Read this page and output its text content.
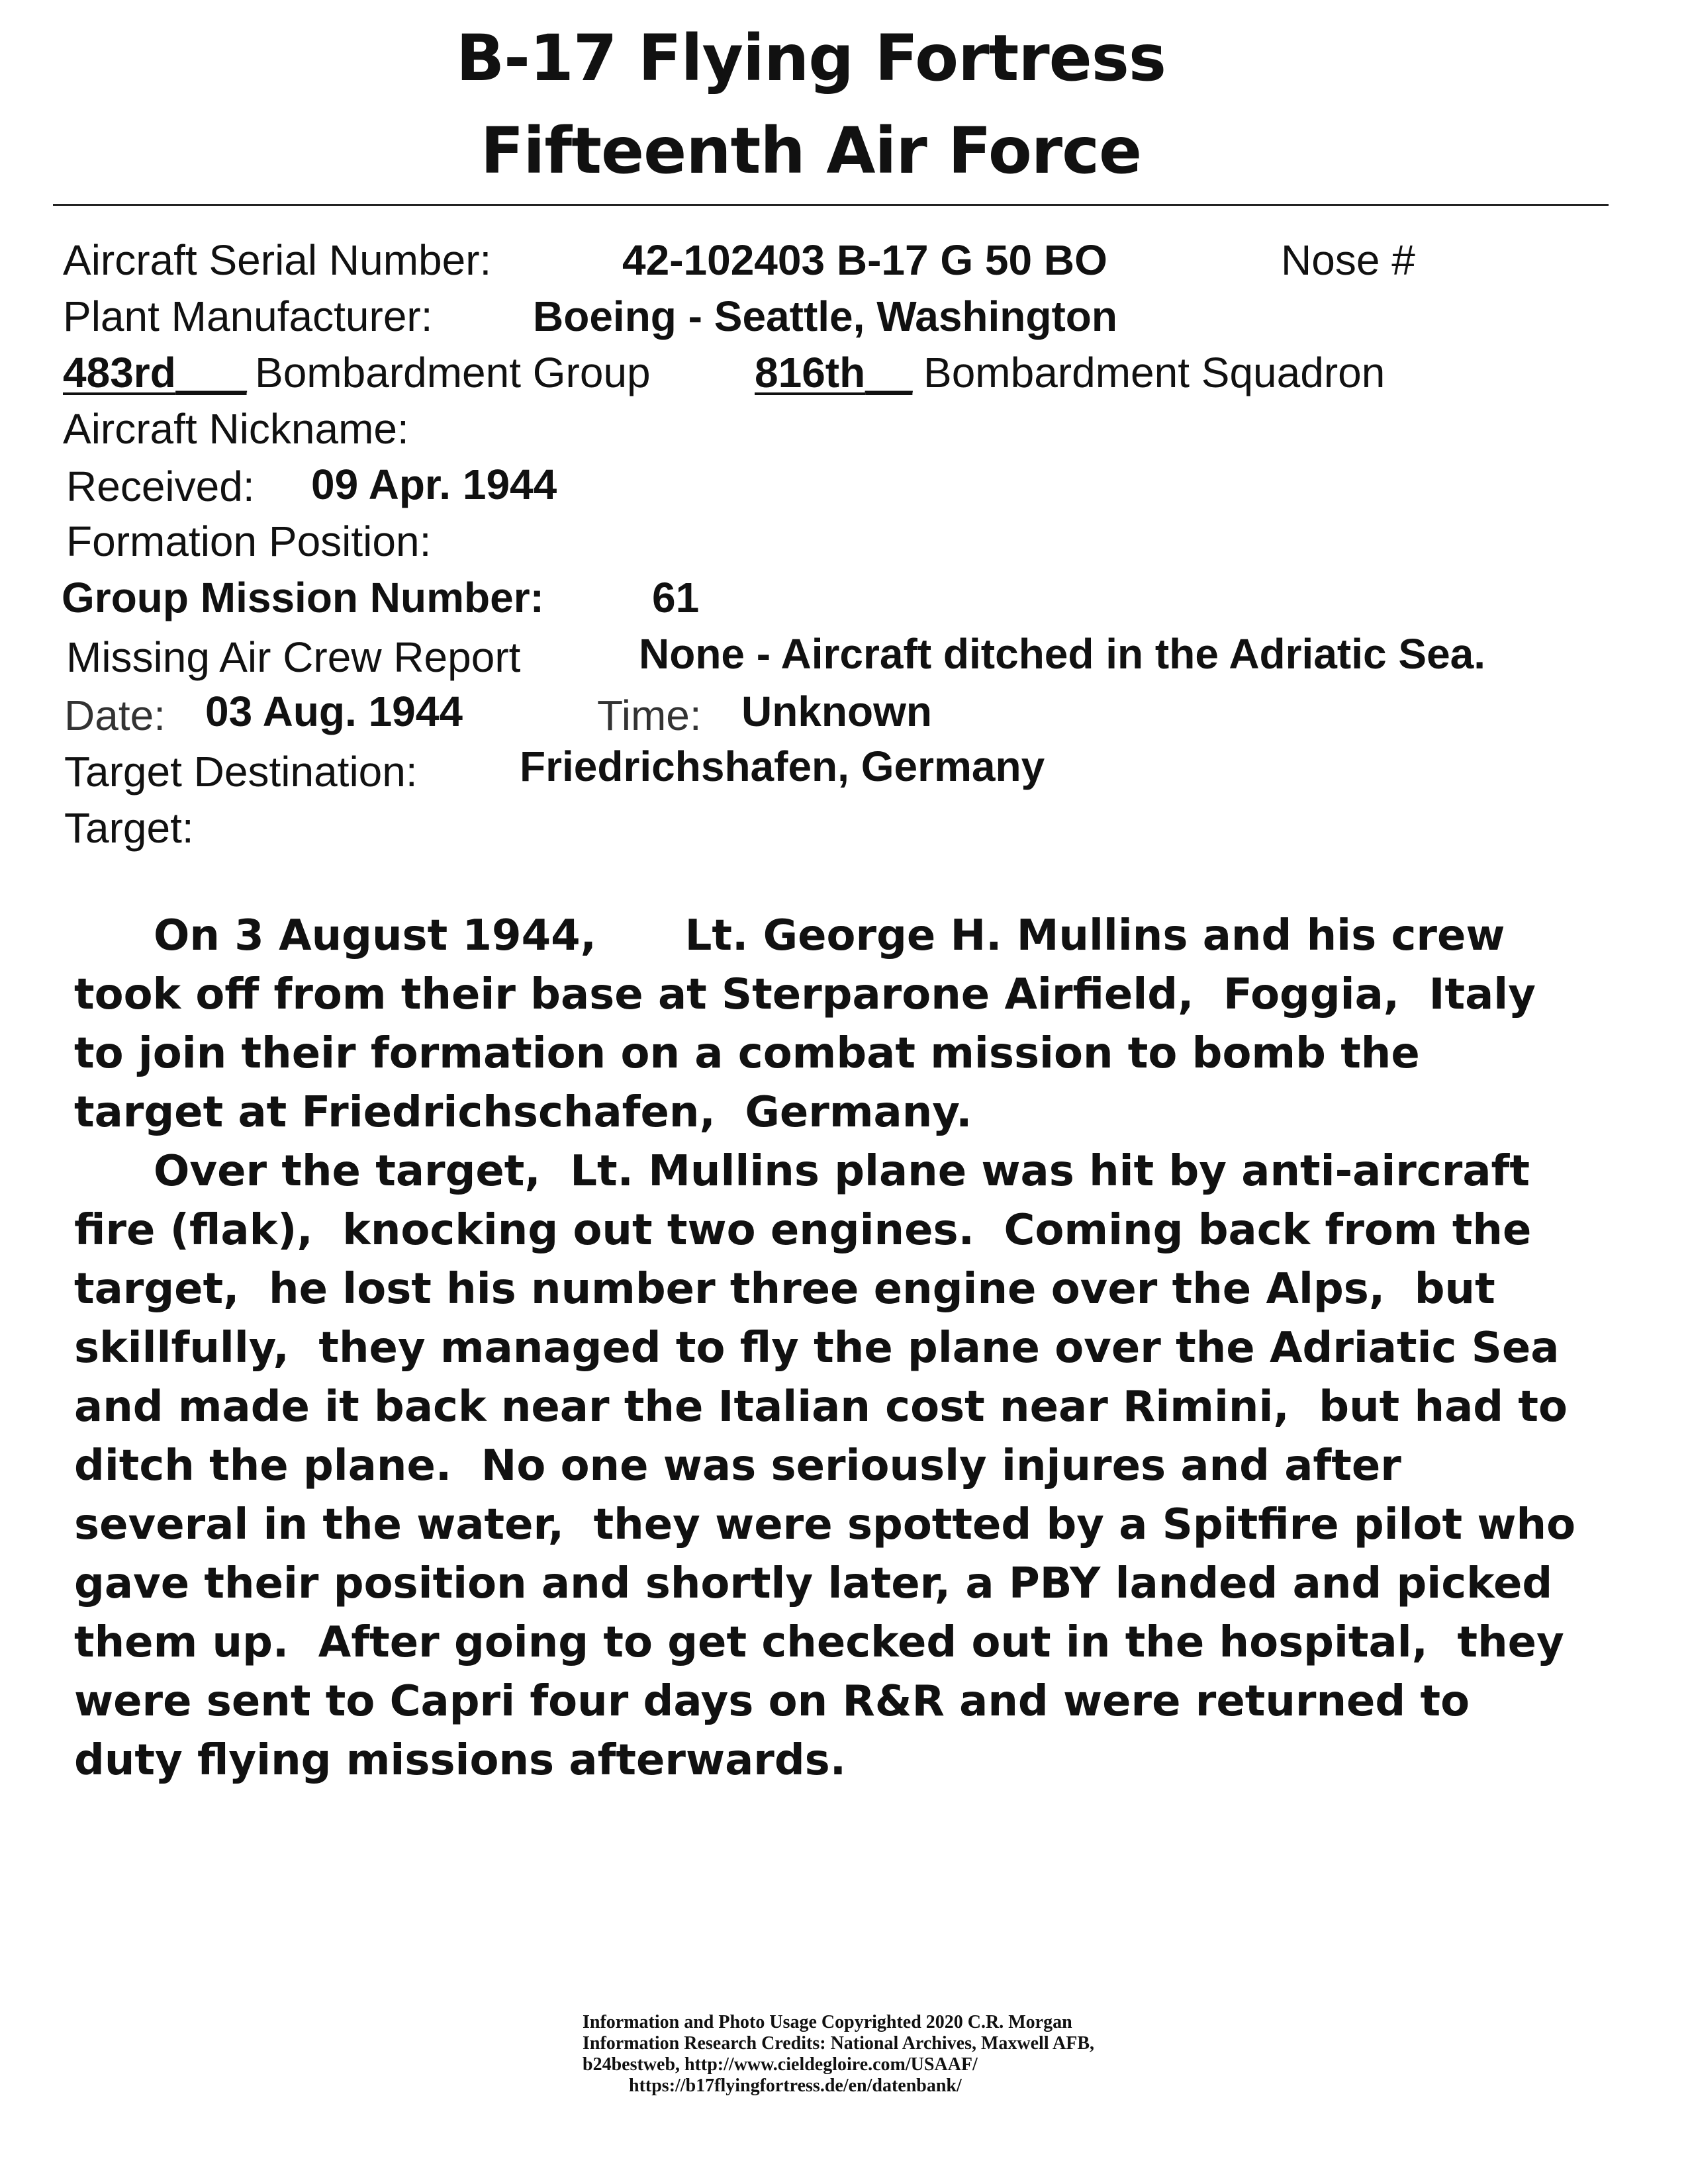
B-17 Flying Fortress
Fifteenth Air Force
Aircraft Serial Number:	42-102403 B-17 G 50 BO	Nose #
Plant Manufacturer: Boeing - Seattle, Washington
483rd___ Bombardment Group 816th__ Bombardment Squadron
Aircraft Nickname:
Received: 09 Apr. 1944
Formation Position:
Group Mission Number:	61
Missing Air Crew Report	None - Aircraft ditched in the Adriatic Sea.
Date: 03 Aug. 1944	Time: Unknown
Target Destination: Friedrichshafen, Germany
Target:

On 3 August 1944,      Lt. George H. Mullins and his crew took off from their base at Sterparone Airfield,  Foggia,  Italy to join their formation on a combat mission to bomb the target at Friedrichschafen,  Germany.

Over the target,  Lt. Mullins plane was hit by anti-aircraft fire (flak),  knocking out two engines.  Coming back from the target,  he lost his number three engine over the Alps,  but skillfully,  they managed to fly the plane over the Adriatic Sea and made it back near the Italian cost near Rimini,  but had to ditch the plane.  No one was seriously injures and after several in the water,  they were spotted by a Spitfire pilot who gave their position and shortly later, a PBY landed and picked them up.  After going to get checked out in the hospital,  they were sent to Capri four days on R&R and were returned to duty flying missions afterwards.

Information and Photo Usage Copyrighted 2020 C.R. Morgan
Information Research Credits: National Archives, Maxwell AFB,
b24bestweb, http://www.cieldegloire.com/USAAF/
https://b17flyingfortress.de/en/datenbank/
